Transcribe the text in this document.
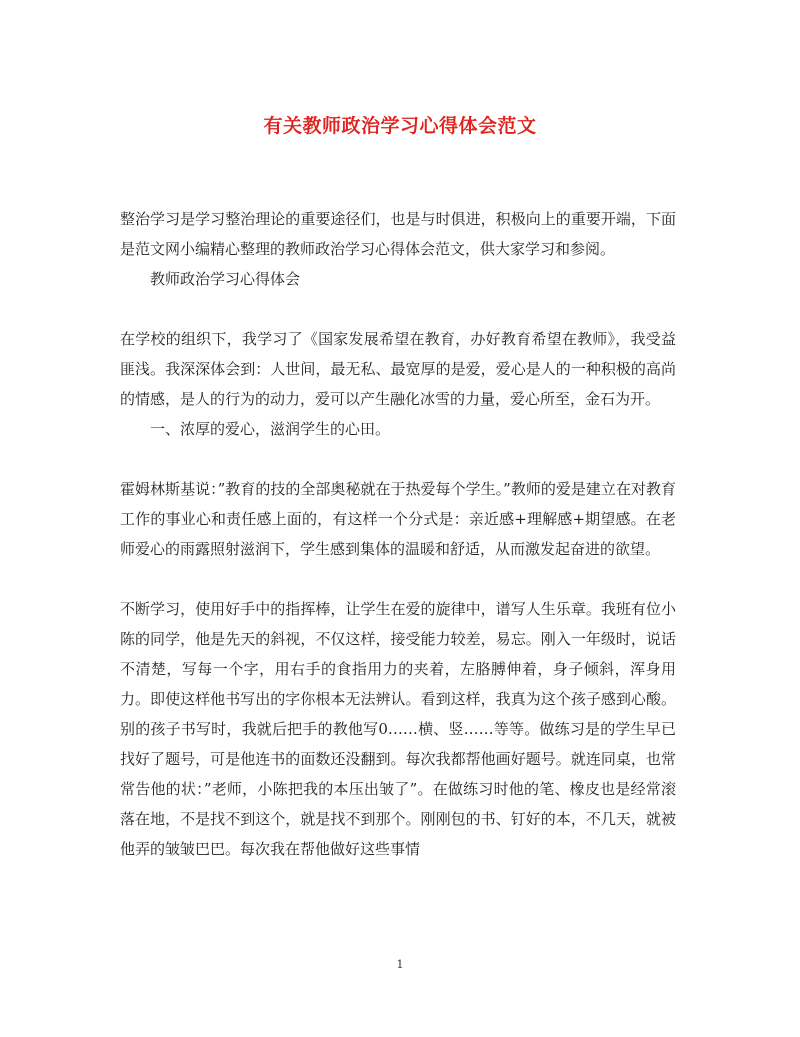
有关教师政治学习心得体会范文

整治学习是学习整治理论的重要途径们，也是与时俱进，积极向上的重要开端，下面是范文网小编精心整理的教师政治学习心得体会范文，供大家学习和参阅。

教师政治学习心得体会

在学校的组织下，我学习了《国家发展希望在教育，办好教育希望在教师》，我受益匪浅。我深深体会到：人世间，最无私、最宽厚的是爱，爱心是人的一种积极的高尚的情感，是人的行为的动力，爱可以产生融化冰雪的力量，爱心所至，金石为开。

一、浓厚的爱心，滋润学生的心田。

霍姆林斯基说：”教育的技的全部奥秘就在于热爱每个学生。”教师的爱是建立在对教育工作的事业心和责任感上面的，有这样一个分式是：亲近感+理解感+期望感。在老师爱心的雨露照射滋润下，学生感到集体的温暖和舒适，从而激发起奋进的欲望。

不断学习，使用好手中的指挥棒，让学生在爱的旋律中，谱写人生乐章。我班有位小陈的同学，他是先天的斜视，不仅这样，接受能力较差，易忘。刚入一年级时，说话不清楚，写每一个字，用右手的食指用力的夹着，左胳膊伸着，身子倾斜，浑身用力。即使这样他书写出的字你根本无法辨认。看到这样，我真为这个孩子感到心酸。别的孩子书写时，我就后把手的教他写0……横、竖……等等。做练习是的学生早已找好了题号，可是他连书的面数还没翻到。每次我都帮他画好题号。就连同桌，也常常告他的状：”老师，小陈把我的本压出皱了”。在做练习时他的笔、橡皮也是经常滚落在地，不是找不到这个，就是找不到那个。刚刚包的书、钉好的本，不几天，就被他弄的皱皱巴巴。每次我在帮他做好这些事情

1
